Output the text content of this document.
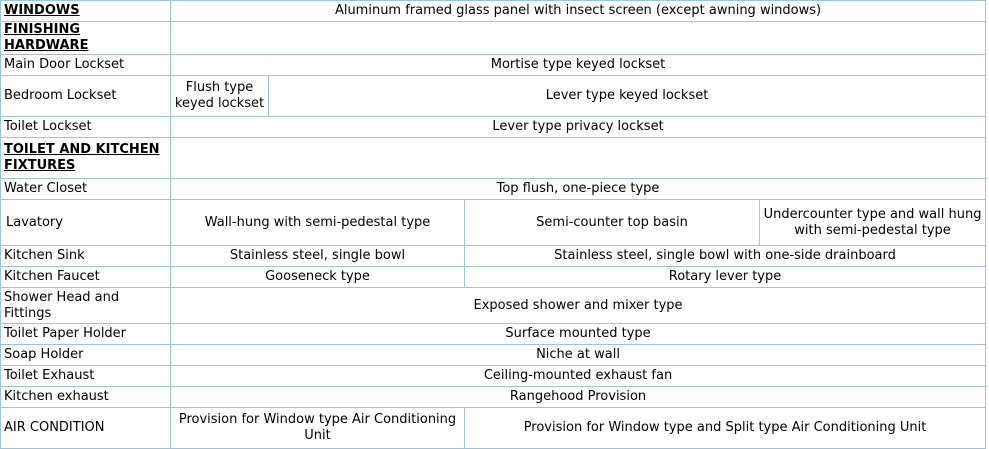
WINDOWS	Aluminum framed glass panel with insect screen (except awning windows)			
FINISHING HARDWARE				
Main Door Lockset	Mortise type keyed lockset			
Bedroom Lockset	Flush type keyed lockset	Lever type keyed lockset		
Toilet Lockset	Lever type privacy lockset			
TOILET AND KITCHEN FIXTURES				
Water Closet	Top flush, one-piece type			
Lavatory	Wall-hung with semi-pedestal type		Semi-counter top basin	Undercounter type and wall hung with semi-pedestal type
Kitchen Sink	Stainless steel, single bowl		Stainless steel, single bowl with one-side drainboard	
Kitchen Faucet	Gooseneck type		Rotary lever type	
Shower Head and Fittings	Exposed shower and mixer type			
Toilet Paper Holder	Surface mounted type			
Soap Holder	Niche at wall			
Toilet Exhaust	Ceiling-mounted exhaust fan			
Kitchen exhaust	Rangehood Provision			
AIR CONDITION	Provision for Window type Air Conditioning Unit		Provision for Window type and Split type Air Conditioning Unit	
